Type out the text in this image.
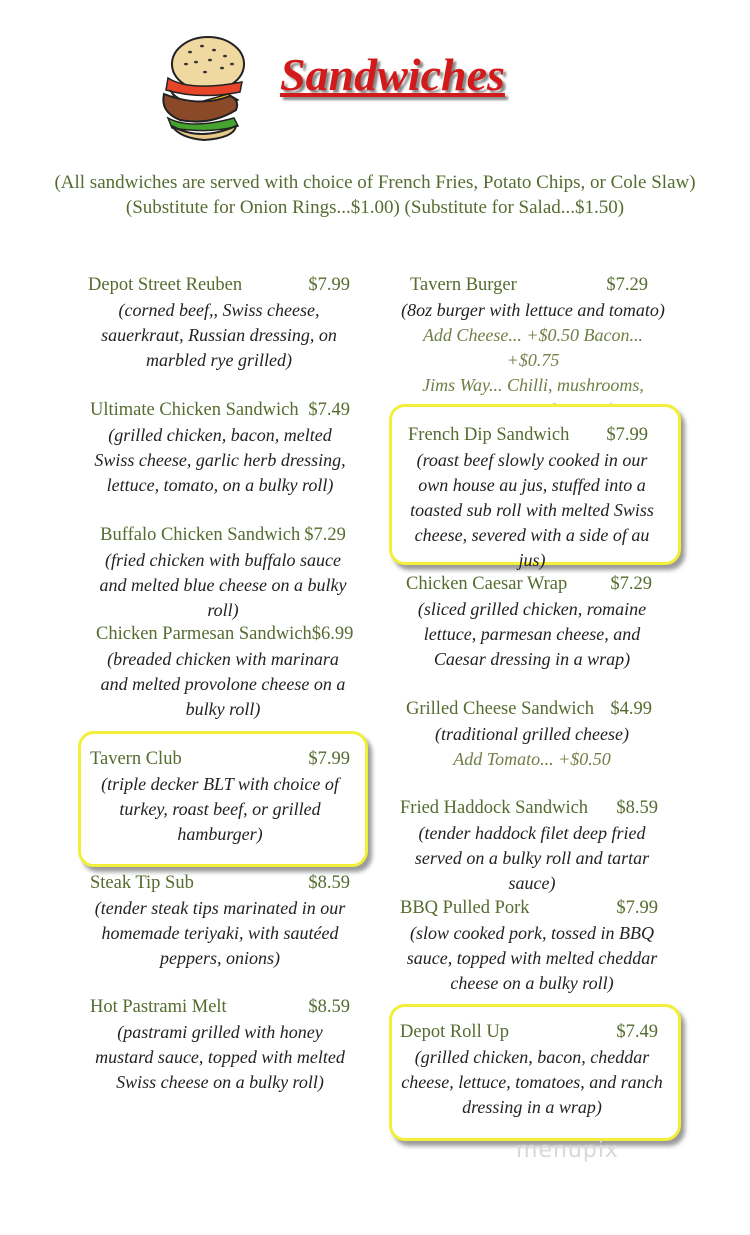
Sandwiches
(All sandwiches are served with choice of French Fries, Potato Chips, or Cole Slaw)
(Substitute for Onion Rings...$1.00) (Substitute for Salad...$1.50)
Depot Street Reuben	$7.99
(corned beef,, Swiss cheese, sauerkraut, Russian dressing, on marbled rye grilled)
Ultimate Chicken Sandwich $7.49
(grilled chicken, bacon, melted Swiss cheese, garlic herb dressing, lettuce, tomato, on a bulky roll)
Buffalo Chicken Sandwich $7.29
(fried chicken with buffalo sauce and melted blue cheese on a bulky roll)
Chicken Parmesan Sandwich $6.99
(breaded chicken with marinara and melted provolone cheese on a bulky roll)
Tavern Club	$7.99
(triple decker BLT with choice of turkey, roast beef, or grilled hamburger)
Steak Tip Sub	$8.59
(tender steak tips marinated in our homemade teriyaki, with sautéed peppers, onions)
Hot Pastrami Melt	$8.59
(pastrami grilled with honey mustard sauce, topped with melted Swiss cheese on a bulky roll)
Tavern Burger	$7.29
(8oz burger with lettuce and tomato)
Add Cheese... +$0.50 Bacon... +$0.75
Jims Way... Chilli, mushrooms,
French Dip Sandwich $7.99
(roast beef slowly cooked in our own house au jus, stuffed into a toasted sub roll with melted Swiss cheese, severed with a side of au jus)
Chicken Caesar Wrap $7.29
(sliced grilled chicken, romaine lettuce, parmesan cheese, and Caesar dressing in a wrap)
Grilled Cheese Sandwich $4.99
(traditional grilled cheese)
Add Tomato... +$0.50
Fried Haddock Sandwich $8.59
(tender haddock filet deep fried served on a bulky roll and tartar sauce)
BBQ Pulled Pork	$7.99
(slow cooked pork, tossed in BBQ sauce, topped with melted cheddar cheese on a bulky roll)
Depot Roll Up	$7.49
(grilled chicken, bacon, cheddar cheese, lettuce, tomatoes, and ranch dressing in a wrap)
menupix
